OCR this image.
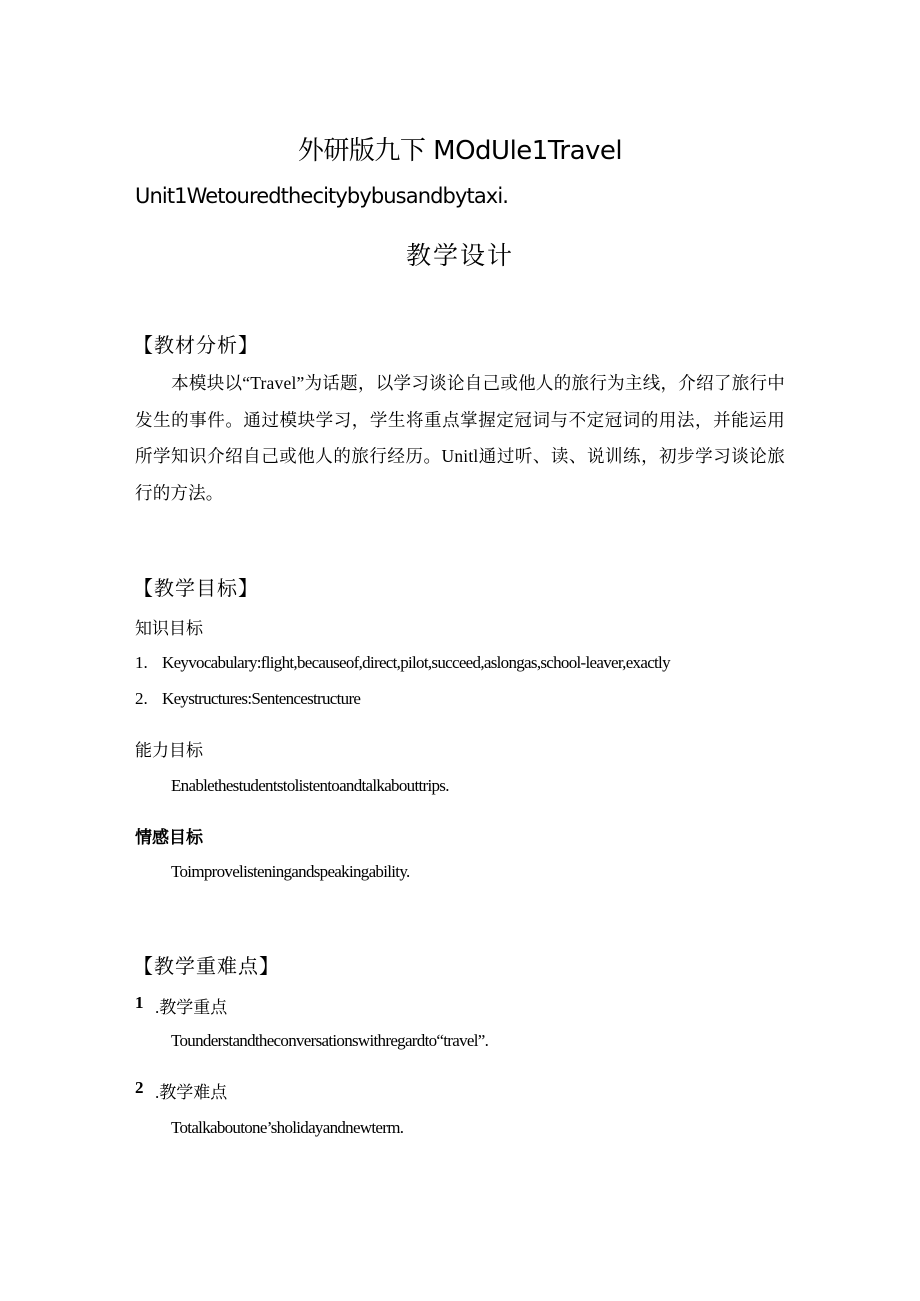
外研版九下 MOdUle1Travel
Unit1Wetouredthecitybybusandbytaxi.
教学设计
【教材分析】
本模块以“Travel”为话题，以学习谈论自己或他人的旅行为主线，介绍了旅行中发生的事件。通过模块学习，学生将重点掌握定冠词与不定冠词的用法，并能运用所学知识介绍自己或他人的旅行经历。Unitl通过听、读、说训练，初步学习谈论旅行的方法。
【教学目标】
知识目标
1. Keyvocabulary:flight,becauseof,direct,pilot,succeed,aslongas,school-leaver,exactly
2. Keystructures:Sentencestructure
能力目标
Enablethestudentstolistentoandtalkabouttrips.
情感目标
Toimprovelisteningandspeakingability.
【教学重难点】
1 .教学重点
Tounderstandtheconversationswithregardto“travel”.
2 .教学难点
Totalkaboutone’sholidayandnewterm.
